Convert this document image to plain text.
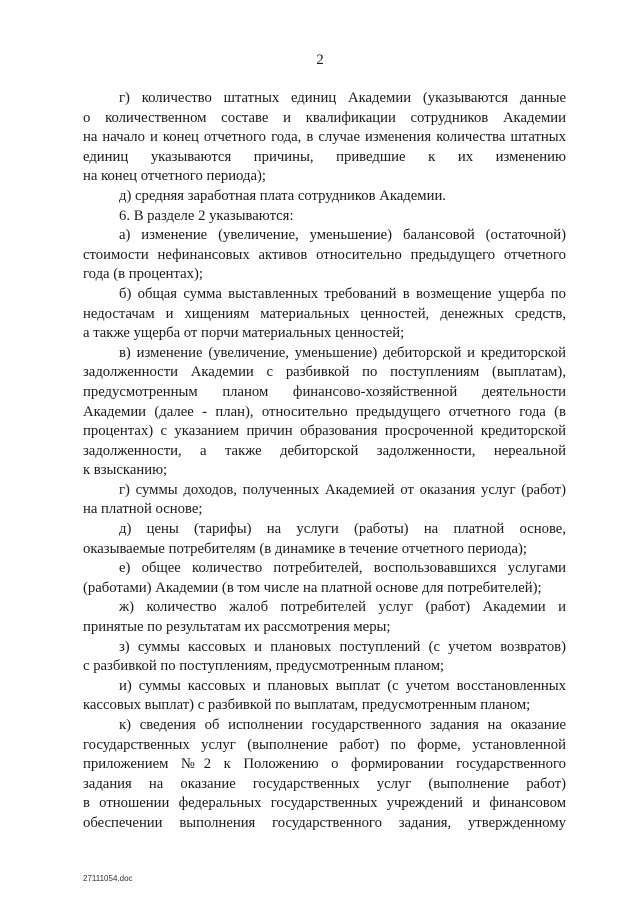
2
г) количество штатных единиц Академии (указываются данные
о количественном составе и квалификации сотрудников Академии
на начало и конец отчетного года, в случае изменения количества штатных
единиц указываются причины, приведшие к их изменению
на конец отчетного периода);
д) средняя заработная плата сотрудников Академии.
6. В разделе 2 указываются:
а) изменение (увеличение, уменьшение) балансовой (остаточной)
стоимости нефинансовых активов относительно предыдущего отчетного
года (в процентах);
б) общая сумма выставленных требований в возмещение ущерба по
недостачам и хищениям материальных ценностей, денежных средств,
а также ущерба от порчи материальных ценностей;
в) изменение (увеличение, уменьшение) дебиторской и кредиторской
задолженности Академии с разбивкой по поступлениям (выплатам),
предусмотренным планом финансово-хозяйственной деятельности
Академии (далее - план), относительно предыдущего отчетного года (в
процентах) с указанием причин образования просроченной кредиторской
задолженности, а также дебиторской задолженности, нереальной
к взысканию;
г) суммы доходов, полученных Академией от оказания услуг (работ)
на платной основе;
д) цены (тарифы) на услуги (работы) на платной основе,
оказываемые потребителям (в динамике в течение отчетного периода);
е) общее количество потребителей, воспользовавшихся услугами
(работами) Академии (в том числе на платной основе для потребителей);
ж) количество жалоб потребителей услуг (работ) Академии и
принятые по результатам их рассмотрения меры;
з) суммы кассовых и плановых поступлений (с учетом возвратов)
с разбивкой по поступлениям, предусмотренным планом;
и) суммы кассовых и плановых выплат (с учетом восстановленных
кассовых выплат) с разбивкой по выплатам, предусмотренным планом;
к) сведения об исполнении государственного задания на оказание
государственных услуг (выполнение работ) по форме, установленной
приложением №2 к Положению о формировании государственного
задания на оказание государственных услуг (выполнение работ)
в отношении федеральных государственных учреждений и финансовом
обеспечении выполнения государственного задания, утвержденному
27111054.doc
